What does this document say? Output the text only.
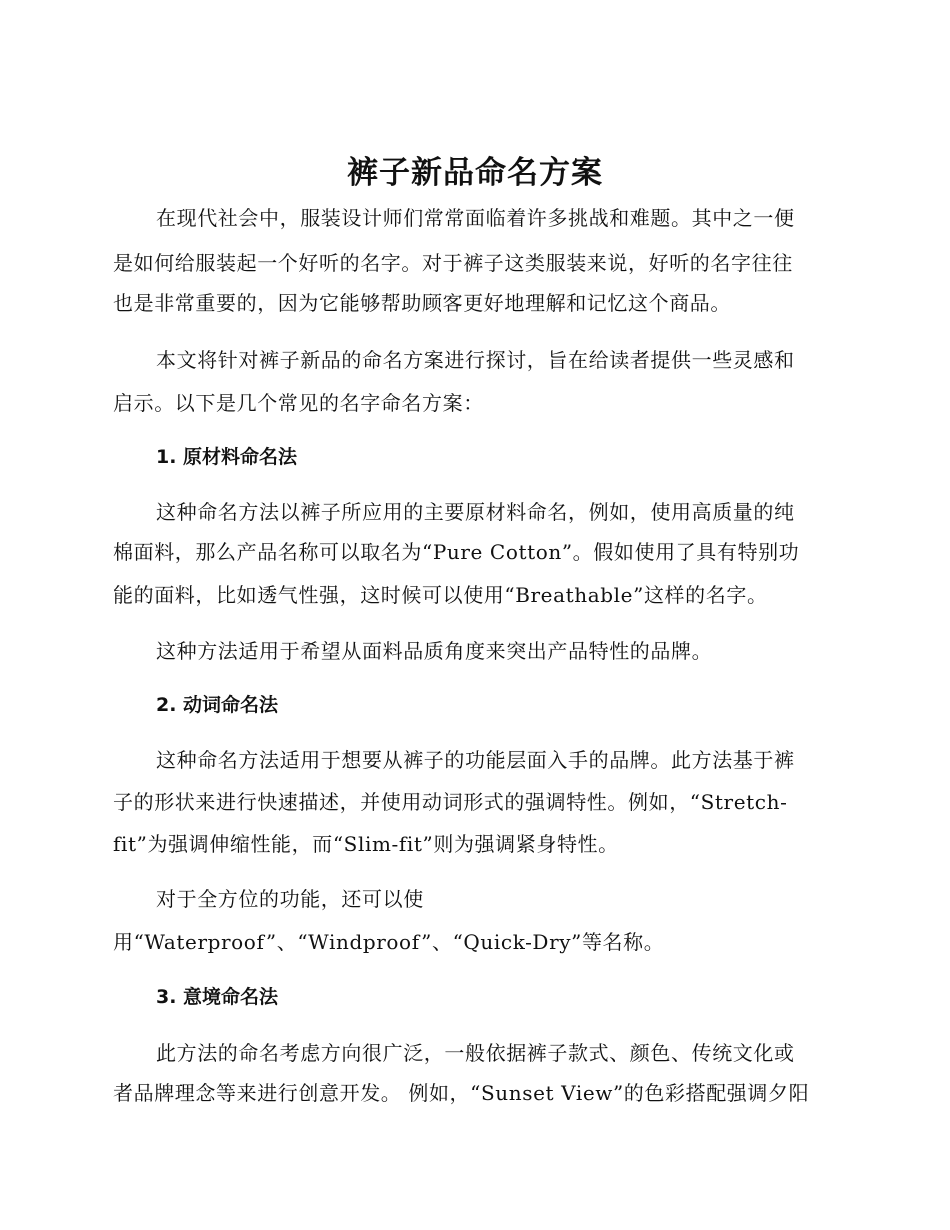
裤子新品命名方案

在现代社会中，服装设计师们常常面临着许多挑战和难题。其中之一便

是如何给服装起一个好听的名字。对于裤子这类服装来说，好听的名字往往

也是非常重要的，因为它能够帮助顾客更好地理解和记忆这个商品。

本文将针对裤子新品的命名方案进行探讨，旨在给读者提供一些灵感和

启示。以下是几个常见的名字命名方案：

1. 原材料命名法

这种命名方法以裤子所应用的主要原材料命名，例如，使用高质量的纯

棉面料，那么产品名称可以取名为“Pure Cotton”。假如使用了具有特别功

能的面料，比如透气性强，这时候可以使用“Breathable”这样的名字。

这种方法适用于希望从面料品质角度来突出产品特性的品牌。

2. 动词命名法

这种命名方法适用于想要从裤子的功能层面入手的品牌。此方法基于裤

子的形状来进行快速描述，并使用动词形式的强调特性。例如，“Stretch-

fit”为强调伸缩性能，而“Slim-fit”则为强调紧身特性。

对于全方位的功能，还可以使

用“Waterproof”、“Windproof”、“Quick-Dry”等名称。

3. 意境命名法

此方法的命名考虑方向很广泛，一般依据裤子款式、颜色、传统文化或

者品牌理念等来进行创意开发。 例如，“Sunset View”的色彩搭配强调夕阳
